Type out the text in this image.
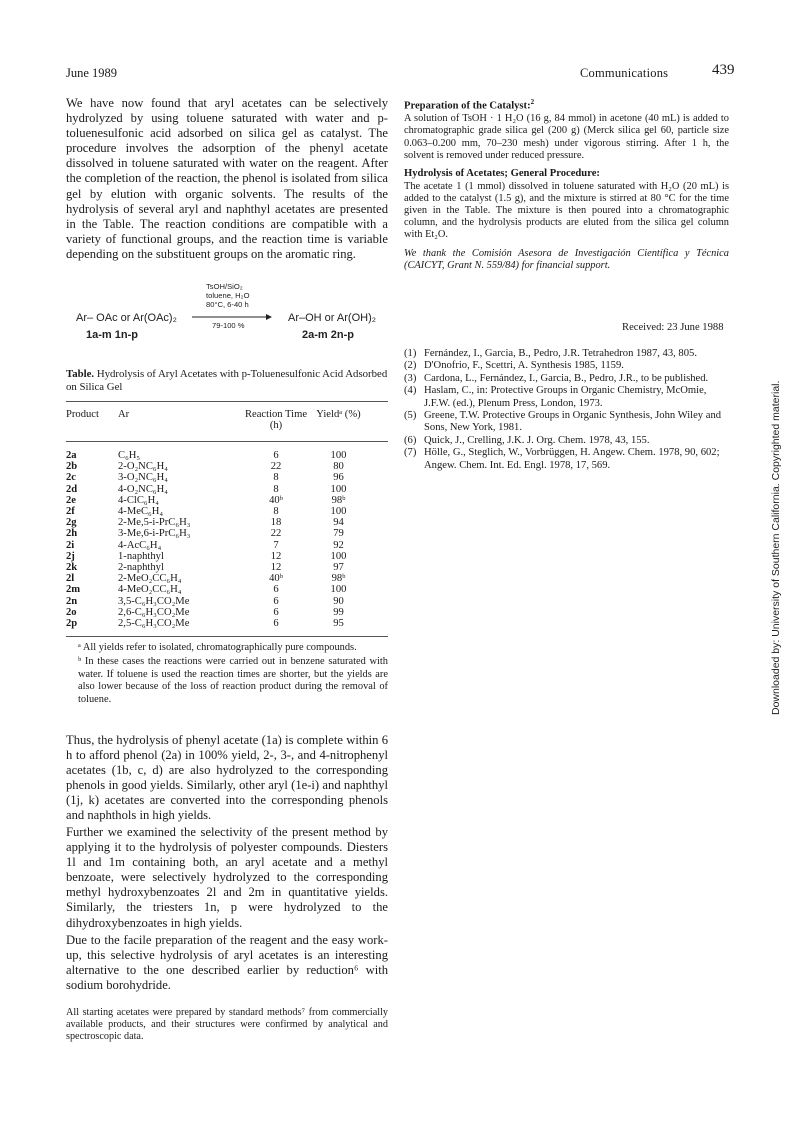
June 1989	Communications	439

We have now found that aryl acetates can be selectively hydrolyzed by using toluene saturated with water and p-toluenesulfonic acid adsorbed on silica gel as catalyst. The procedure involves the adsorption of the phenyl acetate dissolved in toluene saturated with water on the reagent. After the completion of the reaction, the phenol is isolated from silica gel by elution with organic solvents. The results of the hydrolysis of several aryl and naphthyl acetates are presented in the Table. The reaction conditions are compatible with a variety of functional groups, and the reaction time is variable depending on the substituent groups on the aromatic ring.

Ar– OAc or Ar(OAc)₂
1a-m 1n-p
TsOH/SiO₂
toluene, H₂O
80°C, 6-40 h
79-100 %
Ar–OH or Ar(OH)₂
2a-m 2n-p

Table. Hydrolysis of Aryl Acetates with p-Toluenesulfonic Acid Adsorbed on Silica Gel

Product	Ar	Reaction Time (h)	Yieldᵃ (%)
2a	C₆H₅	6	100
2b	2-O₂NC₆H₄	22	80
2c	3-O₂NC₆H₄	8	96
2d	4-O₂NC₆H₄	8	100
2e	4-ClC₆H₄	40ᵇ	98ᵇ
2f	4-MeC₆H₄	8	100
2g	2-Me,5-i-PrC₆H₃	18	94
2h	3-Me,6-i-PrC₆H₃	22	79
2i	4-AcC₆H₄	7	92
2j	1-naphthyl	12	100
2k	2-naphthyl	12	97
2l	2-MeO₂CC₆H₄	40ᵇ	98ᵇ
2m	4-MeO₂CC₆H₄	6	100
2n	3,5-C₆H₃CO₂Me	6	90
2o	2,6-C₆H₃CO₂Me	6	99
2p	2,5-C₆H₃CO₂Me	6	95

ᵃ All yields refer to isolated, chromatographically pure compounds.

ᵇ In these cases the reactions were carried out in benzene saturated with water. If toluene is used the reaction times are shorter, but the yields are also lower because of the loss of reaction product during the removal of toluene.

Thus, the hydrolysis of phenyl acetate (1a) is complete within 6 h to afford phenol (2a) in 100% yield, 2-, 3-, and 4-nitrophenyl acetates (1b, c, d) are also hydrolyzed to the corresponding phenols in good yields. Similarly, other aryl (1e-i) and naphthyl (1j, k) acetates are converted into the corresponding phenols and naphthols in high yields.

Further we examined the selectivity of the present method by applying it to the hydrolysis of polyester compounds. Diesters 1l and 1m containing both, an aryl acetate and a methyl benzoate, were selectively hydrolyzed to the corresponding methyl hydroxybenzoates 2l and 2m in quantitative yields. Similarly, the triesters 1n, p were hydrolyzed to the dihydroxybenzoates in high yields.

Due to the facile preparation of the reagent and the easy work-up, this selective hydrolysis of aryl acetates is an interesting alternative to the one described earlier by reduction⁶ with sodium borohydride.

All starting acetates were prepared by standard methods⁷ from commercially available products, and their structures were confirmed by analytical and spectroscopic data.

Preparation of the Catalyst:$^2$

A solution of TsOH · 1 H₂O (16 g, 84 mmol) in acetone (40 mL) is added to chromatographic grade silica gel (200 g) (Merck silica gel 60, particle size 0.063–0.200 mm, 70–230 mesh) under vigorous stirring. After 1 h, the solvent is removed under reduced pressure.

Hydrolysis of Acetates; General Procedure:

The acetate 1 (1 mmol) dissolved in toluene saturated with H₂O (20 mL) is added to the catalyst (1.5 g), and the mixture is stirred at 80 °C for the time given in the Table. The mixture is then poured into a chromatographic column, and the hydrolysis products are eluted from the silica gel column with Et₂O.

We thank the Comisión Asesora de Investigación Científica y Técnica (CAICYT, Grant N. 559/84) for financial support.

Received: 23 June 1988

(1) Fernández, I., Garcia, B., Pedro, J.R. Tetrahedron 1987, 43, 805.

(2) D'Onofrio, F., Scettri, A. Synthesis 1985, 1159.

(3) Cardona, L., Fernández, I., Garcia, B., Pedro, J.R., to be published.

(4) Haslam, C., in: Protective Groups in Organic Chemistry, McOmie, J.F.W. (ed.), Plenum Press, London, 1973.

(5) Greene, T.W. Protective Groups in Organic Synthesis, John Wiley and Sons, New York, 1981.

(6) Quick, J., Crelling, J.K. J. Org. Chem. 1978, 43, 155.

(7) Hölle, G., Steglich, W., Vorbrüggen, H. Angew. Chem. 1978, 90, 602; Angew. Chem. Int. Ed. Engl. 1978, 17, 569.	Downloaded by: University of Southern California. Copyrighted material.
